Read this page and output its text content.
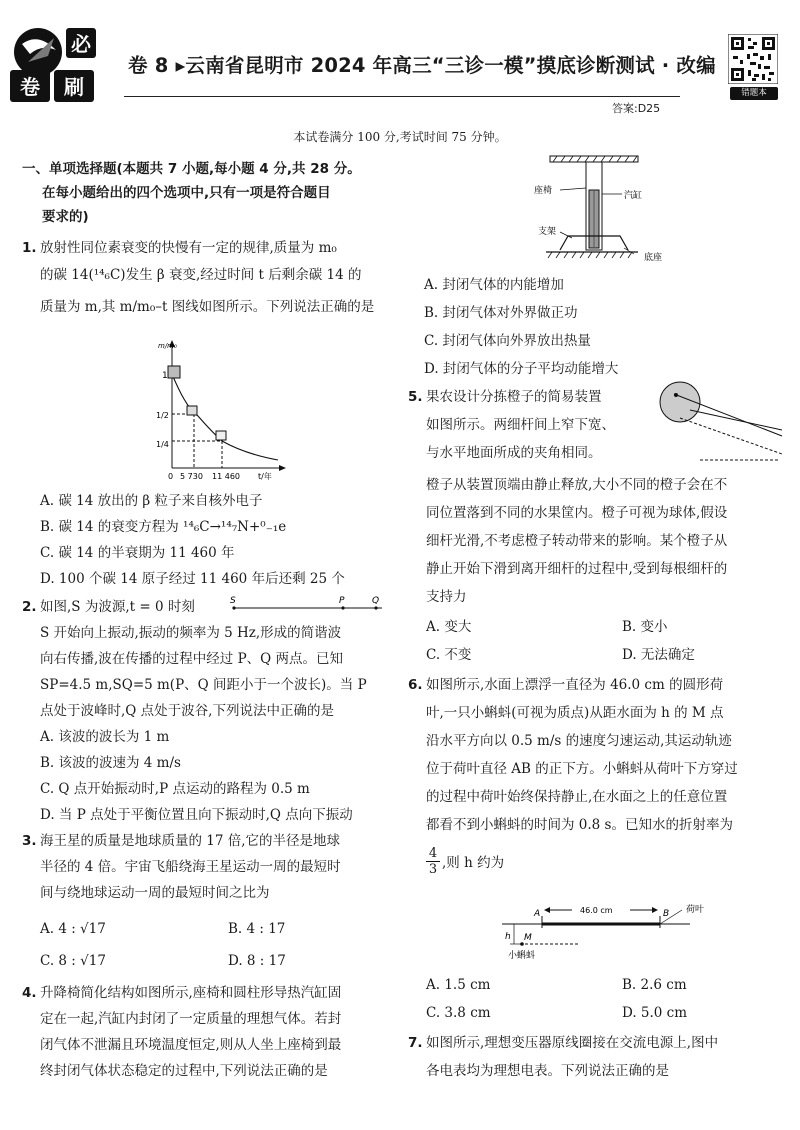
必
卷 刷
卷 8 ▸云南省昆明市 2024 年高三“三诊一模”摸底诊断测试 · 改编
答案:D25
错题本
本试卷满分 100 分,考试时间 75 分钟。
一、单项选择题(本题共 7 小题,每小题 4 分,共 28 分。
在每小题给出的四个选项中,只有一项是符合题目
要求的)
1. 放射性同位素衰变的快慢有一定的规律,质量为 m₀
的碳 14(¹⁴₆C)发生 β 衰变,经过时间 t 后剩余碳 14 的
质量为 m,其 m/m₀–t 图线如图所示。下列说法正确的是
m/m₀
t/年
1
1/2
1/4
0 5 730 11 460
A. 碳 14 放出的 β 粒子来自核外电子
B. 碳 14 的衰变方程为 ¹⁴₆C→¹⁴₇N+⁰₋₁e
C. 碳 14 的半衰期为 11 460 年
D. 100 个碳 14 原子经过 11 460 年后还剩 25 个
2. 如图,S 为波源,t = 0 时刻	S	P	Q
S 开始向上振动,振动的频率为 5 Hz,形成的简谐波
向右传播,波在传播的过程中经过 P、Q 两点。已知
SP=4.5 m,SQ=5 m(P、Q 间距小于一个波长)。当 P
点处于波峰时,Q 点处于波谷,下列说法中正确的是
A. 该波的波长为 1 m
B. 该波的波速为 4 m/s
C. Q 点开始振动时,P 点运动的路程为 0.5 m
D. 当 P 点处于平衡位置且向下振动时,Q 点向下振动
3. 海王星的质量是地球质量的 17 倍,它的半径是地球
半径的 4 倍。宇宙飞船绕海王星运动一周的最短时
间与绕地球运动一周的最短时间之比为
A. 4 : √17	B. 4 : 17
C. 8 : √17	D. 8 : 17
4. 升降椅简化结构如图所示,座椅和圆柱形导热汽缸固
定在一起,汽缸内封闭了一定质量的理想气体。若封
闭气体不泄漏且环境温度恒定,则从人坐上座椅到最
终封闭气体状态稳定的过程中,下列说法正确的是
座椅	汽缸
支架
底座
A. 封闭气体的内能增加
B. 封闭气体对外界做正功
C. 封闭气体向外界放出热量
D. 封闭气体的分子平均动能增大
5. 果农设计分拣橙子的简易装置
如图所示。两细杆间上窄下宽、
与水平地面所成的夹角相同。
橙子从装置顶端由静止释放,大小不同的橙子会在不
同位置落到不同的水果筐内。橙子可视为球体,假设
细杆光滑,不考虑橙子转动带来的影响。某个橙子从
静止开始下滑到离开细杆的过程中,受到每根细杆的
支持力
A. 变大	B. 变小
C. 不变	D. 无法确定
6. 如图所示,水面上漂浮一直径为 46.0 cm 的圆形荷
叶,一只小蝌蚪(可视为质点)从距水面为 h 的 M 点
沿水平方向以 0.5 m/s 的速度匀速运动,其运动轨迹
位于荷叶直径 AB 的正下方。小蝌蚪从荷叶下方穿过
的过程中荷叶始终保持静止,在水面之上的任意位置
都看不到小蝌蚪的时间为 0.8 s。已知水的折射率为
$\frac{4}{3}$ ,则 h 约为
A	46.0 cm	B 荷叶
h M
小蝌蚪
A. 1.5 cm	B. 2.6 cm
C. 3.8 cm	D. 5.0 cm
7. 如图所示,理想变压器原线圈接在交流电源上,图中
各电表均为理想电表。下列说法正确的是
